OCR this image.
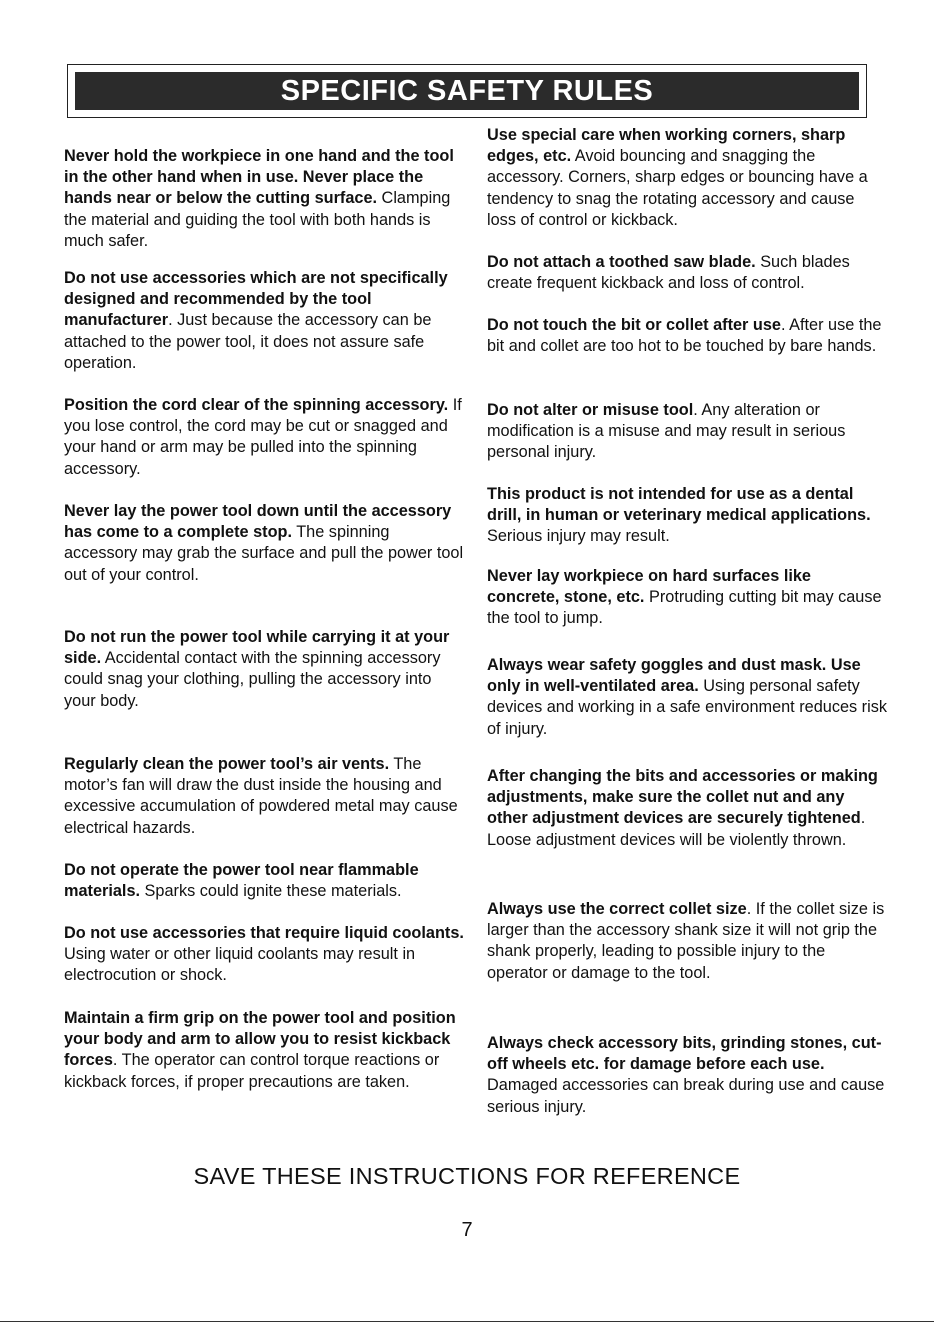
SPECIFIC SAFETY RULES

Never hold the workpiece in one hand and the tool in the other hand when in use. Never place the hands near or below the cutting surface. Clamping the material and guiding the tool with both hands is much safer.

Do not use accessories which are not specifically designed and recommended by the tool manufacturer. Just because the accessory can be attached to the power tool, it does not assure safe operation.

Position the cord clear of the spinning accessory. If you lose control, the cord may be cut or snagged and your hand or arm may be pulled into the spinning accessory.

Never lay the power tool down until the accessory has come to a complete stop. The spinning accessory may grab the surface and pull the power tool out of your control.

Do not run the power tool while carrying it at your side. Accidental contact with the spinning accessory could snag your clothing, pulling the accessory into your body.

Regularly clean the power tool’s air vents. The motor’s fan will draw the dust inside the housing and excessive accumulation of powdered metal may cause electrical hazards.

Do not operate the power tool near flammable materials. Sparks could ignite these materials.

Do not use accessories that require liquid coolants. Using water or other liquid coolants may result in electrocution or shock.

Maintain a firm grip on the power tool and position your body and arm to allow you to resist kickback forces. The operator can control torque reactions or kickback forces, if proper precautions are taken.

Use special care when working corners, sharp edges, etc. Avoid bouncing and snagging the accessory. Corners, sharp edges or bouncing have a tendency to snag the rotating accessory and cause loss of control or kickback.

Do not attach a toothed saw blade. Such blades create frequent kickback and loss of control.

Do not touch the bit or collet after use. After use the bit and collet are too hot to be touched by bare hands.

Do not alter or misuse tool. Any alteration or modification is a misuse and may result in serious personal injury.

This product is not intended for use as a dental drill, in human or veterinary medical applications. Serious injury may result.

Never lay workpiece on hard surfaces like concrete, stone, etc. Protruding cutting bit may cause the tool to jump.

Always wear safety goggles and dust mask. Use only in well-ventilated area. Using personal safety devices and working in a safe environment reduces risk of injury.

After changing the bits and accessories or making adjustments, make sure the collet nut and any other adjustment devices are securely tightened. Loose adjustment devices will be violently thrown.

Always use the correct collet size. If the collet size is larger than the accessory shank size it will not grip the shank properly, leading to possible injury to the operator or damage to the tool.

Always check accessory bits, grinding stones, cut-off wheels etc. for damage before each use. Damaged accessories can break during use and cause serious injury.

SAVE THESE INSTRUCTIONS FOR REFERENCE
7
